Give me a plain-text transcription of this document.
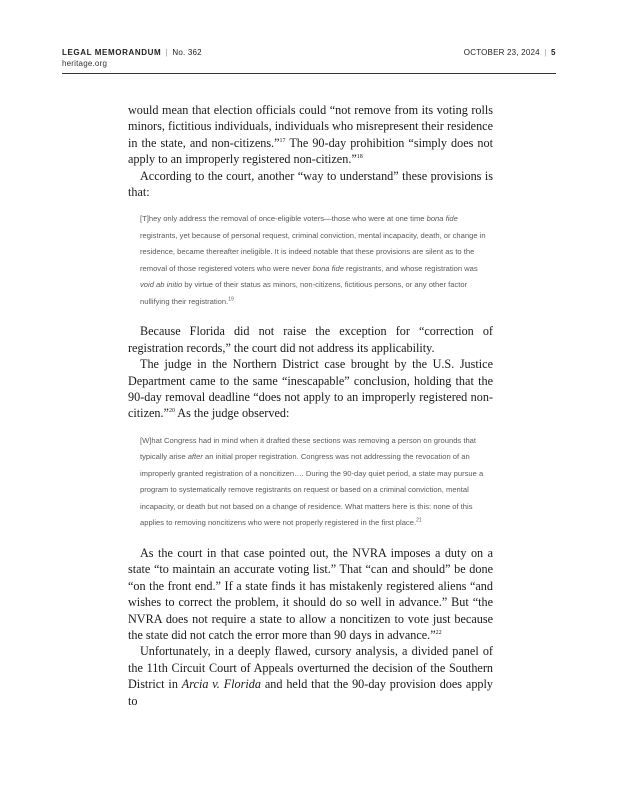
LEGAL MEMORANDUM | No. 362
heritage.org
OCTOBER 23, 2024 | 5

would mean that election officials could “not remove from its voting rolls minors, fictitious individuals, individuals who misrepresent their residence in the state, and non-citizens.”$^{17}$ The 90-day prohibition “simply does not apply to an improperly registered non-citizen.”$^{18}$

According to the court, another “way to understand” these provisions is that:

[T]hey only address the removal of once-eligible voters—those who were at one time bona fide registrants, yet because of personal request, criminal conviction, mental incapacity, death, or change in residence, became thereafter ineligible. It is indeed notable that these provisions are silent as to the removal of those registered voters who were never bona fide registrants, and whose registration was void ab initio by virtue of their status as minors, non-citizens, fictitious persons, or any other factor nullifying their registration.$^{19}$

Because Florida did not raise the exception for “correction of registration records,” the court did not address its applicability.

The judge in the Northern District case brought by the U.S. Justice Department came to the same “inescapable” conclusion, holding that the 90-day removal deadline “does not apply to an improperly registered non-citizen.”$^{20}$ As the judge observed:

[W]hat Congress had in mind when it drafted these sections was removing a person on grounds that typically arise after an initial proper registration. Congress was not addressing the revocation of an improperly granted registration of a noncitizen…. During the 90-day quiet period, a state may pursue a program to systematically remove registrants on request or based on a criminal conviction, mental incapacity, or death but not based on a change of residence. What matters here is this: none of this applies to removing noncitizens who were not properly registered in the first place.$^{21}$

As the court in that case pointed out, the NVRA imposes a duty on a state “to maintain an accurate voting list.” That “can and should” be done “on the front end.” If a state finds it has mistakenly registered aliens “and wishes to correct the problem, it should do so well in advance.” But “the NVRA does not require a state to allow a noncitizen to vote just because the state did not catch the error more than 90 days in advance.”$^{22}$

Unfortunately, in a deeply flawed, cursory analysis, a divided panel of the 11th Circuit Court of Appeals overturned the decision of the Southern District in Arcia v. Florida and held that the 90-day provision does apply to
